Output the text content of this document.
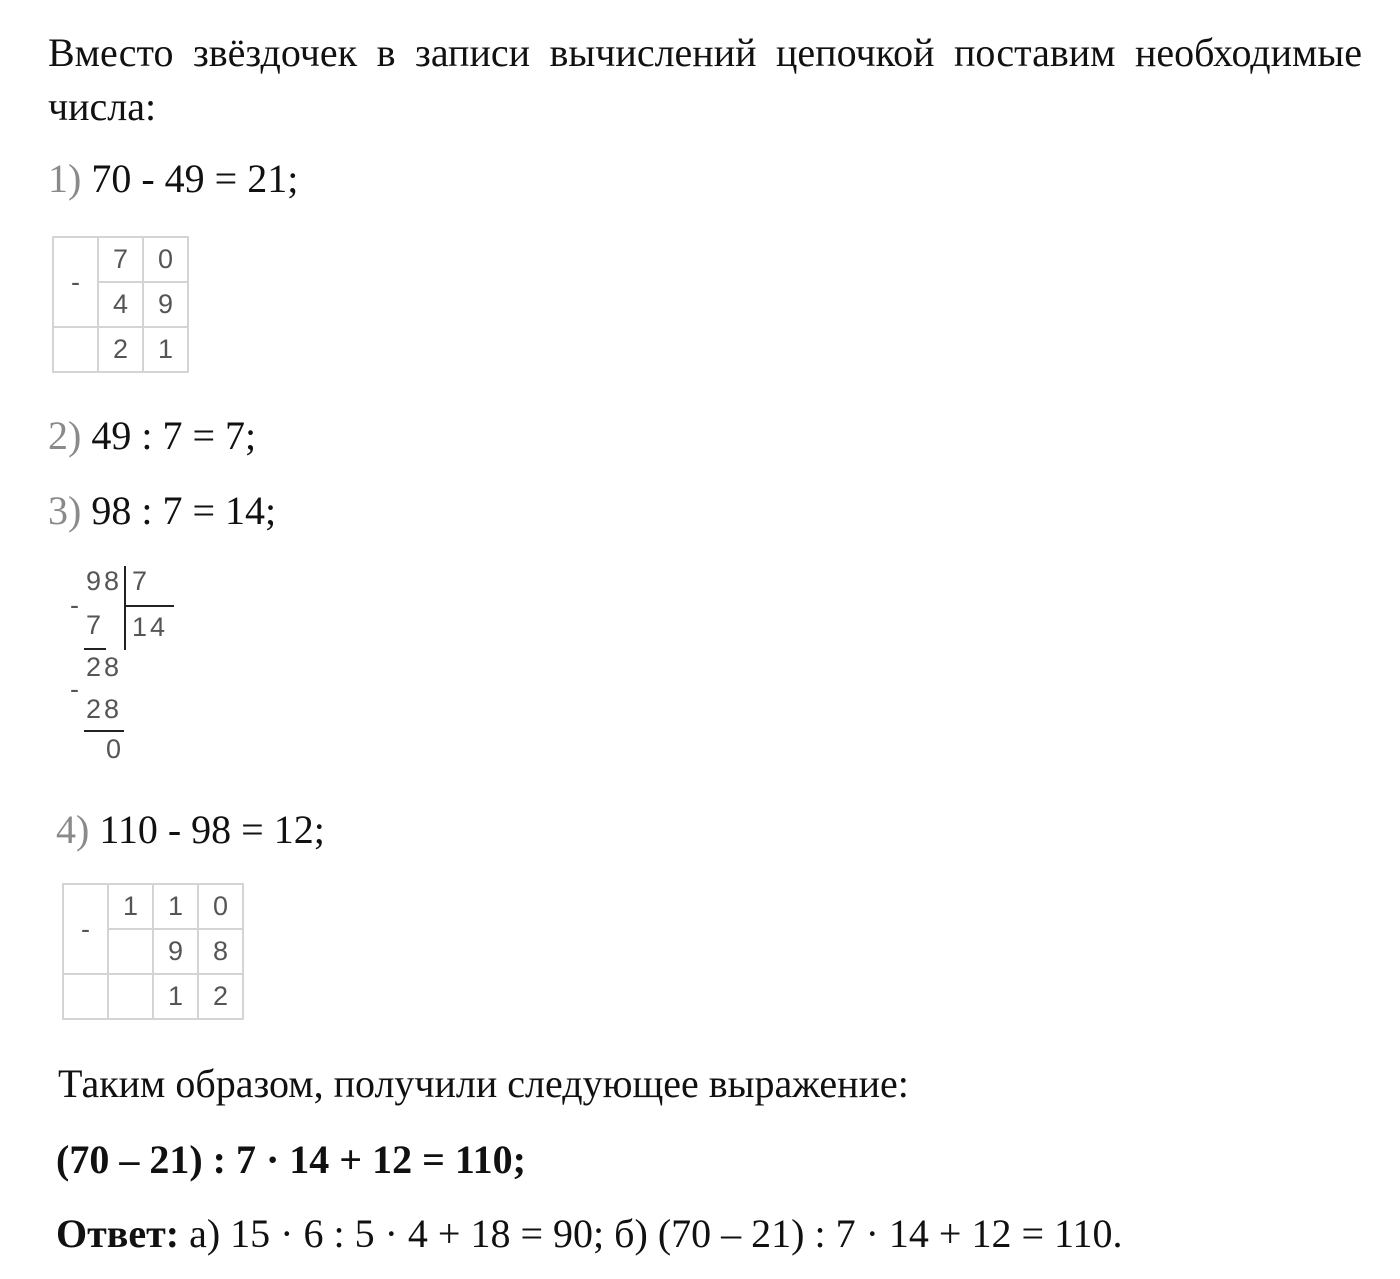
Вместо звёздочек в записи вычислений цепочкой поставим необходимые числа:
1) 70 - 49 = 21;
-	7	0
	4	9
	2	1
2) 49 : 7 = 7;
3) 98 : 7 = 14;
98 7
14
-
7
28
-
28
0
4) 110 - 98 = 12;
-	1	1	0
		9	8
		1	2
Таким образом, получили следующее выражение:
(70 – 21) : 7 · 14 + 12 = 110;
Ответ: а) 15 · 6 : 5 · 4 + 18 = 90; б) (70 – 21) : 7 · 14 + 12 = 110.
